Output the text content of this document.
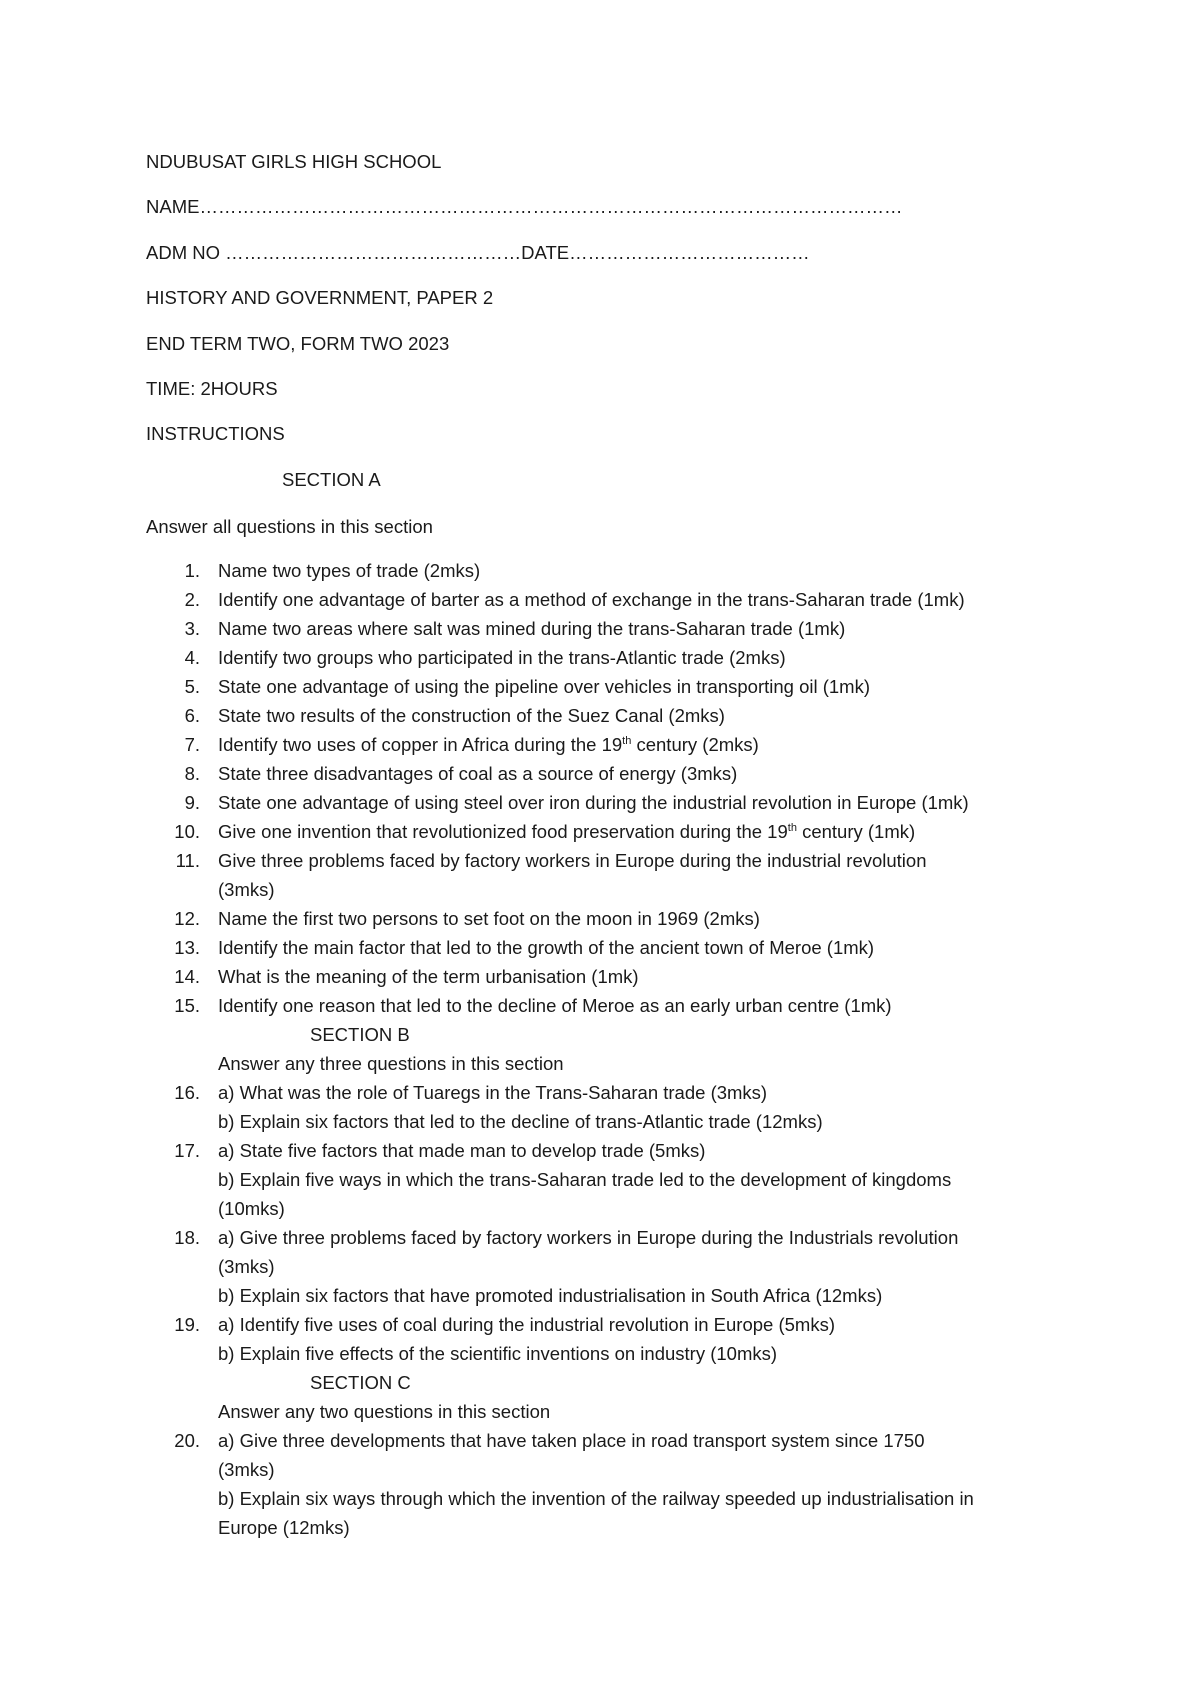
NDUBUSAT GIRLS HIGH SCHOOL

NAME……………………………………………………………………………………………………

ADM NO …………………………………………DATE…………………………………

HISTORY AND GOVERNMENT, PAPER 2

END TERM TWO, FORM TWO 2023

TIME: 2HOURS

INSTRUCTIONS

SECTION A

Answer all questions in this section

1. Name two types of trade (2mks)
2. Identify one advantage of barter as a method of exchange in the trans-Saharan trade (1mk)
3. Name two areas where salt was mined during the trans-Saharan trade (1mk)
4. Identify two groups who participated in the trans-Atlantic trade (2mks)
5. State one advantage of using the pipeline over vehicles in transporting oil (1mk)
6. State two results of the construction of the Suez Canal (2mks)
7. Identify two uses of copper in Africa during the 19th century (2mks)
8. State three disadvantages of coal as a source of energy (3mks)
9. State one advantage of using steel over iron during the industrial revolution in Europe (1mk)
10. Give one invention that revolutionized food preservation during the 19th century (1mk)
11. Give three problems faced by factory workers in Europe during the industrial revolution
(3mks)
12. Name the first two persons to set foot on the moon in 1969 (2mks)
13. Identify the main factor that led to the growth of the ancient town of Meroe (1mk)
14. What is the meaning of the term urbanisation (1mk)
15. Identify one reason that led to the decline of Meroe as an early urban centre (1mk)
SECTION B
Answer any three questions in this section
16. a) What was the role of Tuaregs in the Trans-Saharan trade (3mks)
b) Explain six factors that led to the decline of trans-Atlantic trade (12mks)
17. a) State five factors that made man to develop trade (5mks)
b) Explain five ways in which the trans-Saharan trade led to the development of kingdoms
(10mks)
18. a) Give three problems faced by factory workers in Europe during the Industrials revolution
(3mks)
b) Explain six factors that have promoted industrialisation in South Africa (12mks)
19. a) Identify five uses of coal during the industrial revolution in Europe (5mks)
b) Explain five effects of the scientific inventions on industry (10mks)
SECTION C
Answer any two questions in this section
20. a) Give three developments that have taken place in road transport system since 1750
(3mks)
b) Explain six ways through which the invention of the railway speeded up industrialisation in
Europe (12mks)
